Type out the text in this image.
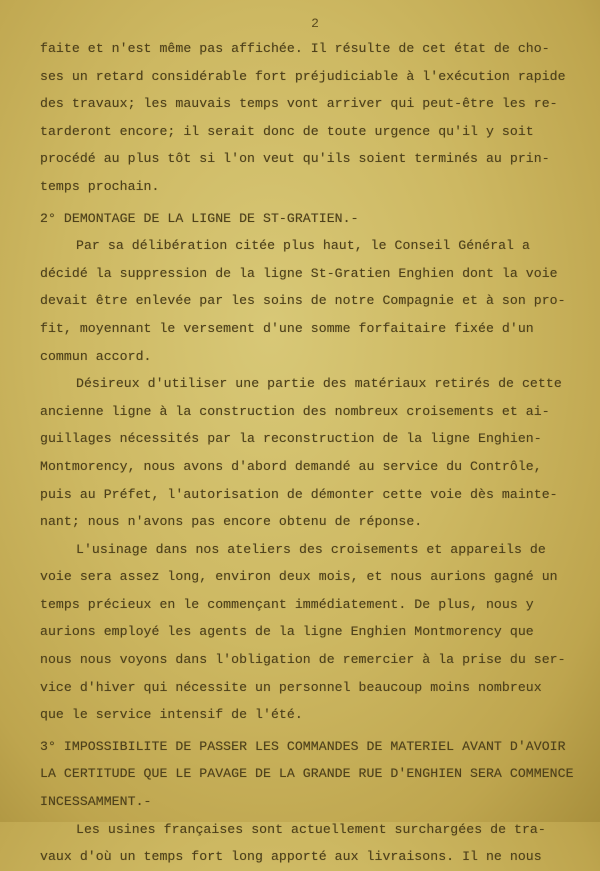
2
faite et n'est même pas affichée. Il résulte de cet état de cho-
ses un retard considérable fort préjudiciable à l'exécution rapide
des travaux; les mauvais temps vont arriver qui peut-être les re-
tarderont encore; il serait donc de toute urgence qu'il y soit
procédé au plus tôt si l'on veut qu'ils soient terminés au prin-
temps prochain.
2° DEMONTAGE DE LA LIGNE DE ST-GRATIEN.-
Par sa délibération citée plus haut, le Conseil Général a
décidé la suppression de la ligne St-Gratien Enghien dont la voie
devait être enlevée par les soins de notre Compagnie et à son pro-
fit, moyennant le versement d'une somme forfaitaire fixée d'un
commun accord.
Désireux d'utiliser une partie des matériaux retirés de cette
ancienne ligne à la construction des nombreux croisements et ai-
guillages nécessités par la reconstruction de la ligne Enghien-
Montmorency, nous avons d'abord demandé au service du Contrôle,
puis au Préfet, l'autorisation de démonter cette voie dès mainte-
nant; nous n'avons pas encore obtenu de réponse.
L'usinage dans nos ateliers des croisements et appareils de
voie sera assez long, environ deux mois, et nous aurions gagné un
temps précieux en le commençant immédiatement. De plus, nous y
aurions employé les agents de la ligne Enghien Montmorency que
nous nous voyons dans l'obligation de remercier à la prise du ser-
vice d'hiver qui nécessite un personnel beaucoup moins nombreux
que le service intensif de l'été.
3° IMPOSSIBILITE DE PASSER LES COMMANDES DE MATERIEL AVANT D'AVOIR
LA CERTITUDE QUE LE PAVAGE DE LA GRANDE RUE D'ENGHIEN SERA COMMENCE
INCESSAMMENT.-
Les usines françaises sont actuellement surchargées de tra-
vaux d'où un temps fort long apporté aux livraisons. Il ne nous
